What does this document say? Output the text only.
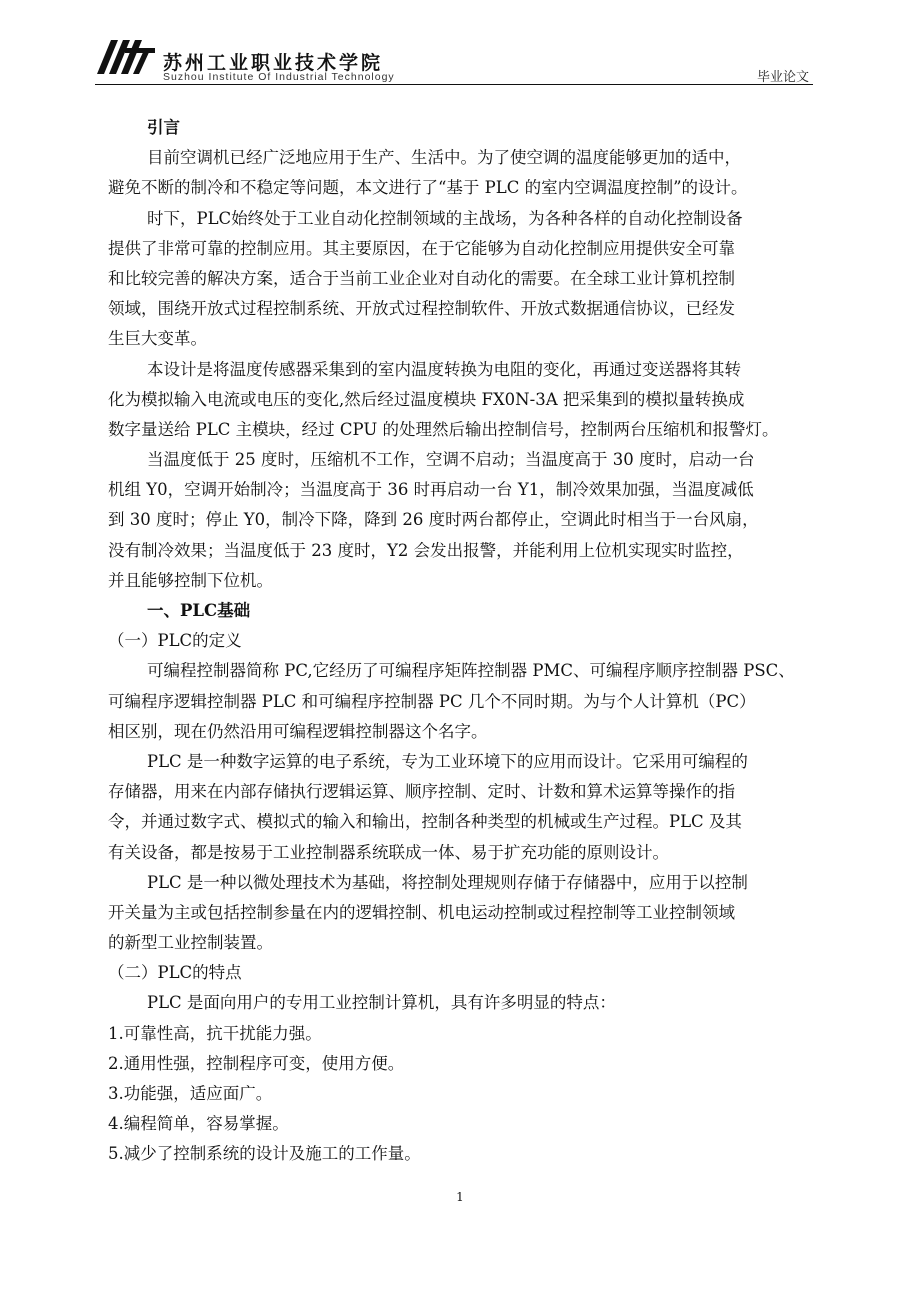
苏州工业职业技术学院
Suzhou Institute Of Industrial Technology	毕业论文
引言
目前空调机已经广泛地应用于生产、生活中。为了使空调的温度能够更加的适中，
避免不断的制冷和不稳定等问题，本文进行了“基于 PLC 的室内空调温度控制”的设计。
时下，PLC始终处于工业自动化控制领域的主战场，为各种各样的自动化控制设备
提供了非常可靠的控制应用。其主要原因，在于它能够为自动化控制应用提供安全可靠
和比较完善的解决方案，适合于当前工业企业对自动化的需要。在全球工业计算机控制
领域，围绕开放式过程控制系统、开放式过程控制软件、开放式数据通信协议，已经发
生巨大变革。
本设计是将温度传感器采集到的室内温度转换为电阻的变化，再通过变送器将其转
化为模拟输入电流或电压的变化,然后经过温度模块 FX0N-3A 把采集到的模拟量转换成
数字量送给 PLC 主模块，经过 CPU 的处理然后输出控制信号，控制两台压缩机和报警灯。
当温度低于 25 度时，压缩机不工作，空调不启动；当温度高于 30 度时，启动一台
机组 Y0，空调开始制冷；当温度高于 36 时再启动一台 Y1，制冷效果加强，当温度减低
到 30 度时；停止 Y0，制冷下降，降到 26 度时两台都停止，空调此时相当于一台风扇，
没有制冷效果；当温度低于 23 度时，Y2 会发出报警，并能利用上位机实现实时监控，
并且能够控制下位机。
一、PLC基础
（一）PLC的定义
可编程控制器简称 PC,它经历了可编程序矩阵控制器 PMC、可编程序顺序控制器 PSC、
可编程序逻辑控制器 PLC 和可编程序控制器 PC 几个不同时期。为与个人计算机（PC）
相区别，现在仍然沿用可编程逻辑控制器这个名字。
PLC 是一种数字运算的电子系统，专为工业环境下的应用而设计。它采用可编程的
存储器，用来在内部存储执行逻辑运算、顺序控制、定时、计数和算术运算等操作的指
令，并通过数字式、模拟式的输入和输出，控制各种类型的机械或生产过程。PLC 及其
有关设备，都是按易于工业控制器系统联成一体、易于扩充功能的原则设计。
PLC 是一种以微处理技术为基础，将控制处理规则存储于存储器中，应用于以控制
开关量为主或包括控制参量在内的逻辑控制、机电运动控制或过程控制等工业控制领域
的新型工业控制装置。
（二）PLC的特点
PLC 是面向用户的专用工业控制计算机，具有许多明显的特点：
1.可靠性高，抗干扰能力强。
2.通用性强，控制程序可变，使用方便。
3.功能强，适应面广。
4.编程简单，容易掌握。
5.减少了控制系统的设计及施工的工作量。
1
